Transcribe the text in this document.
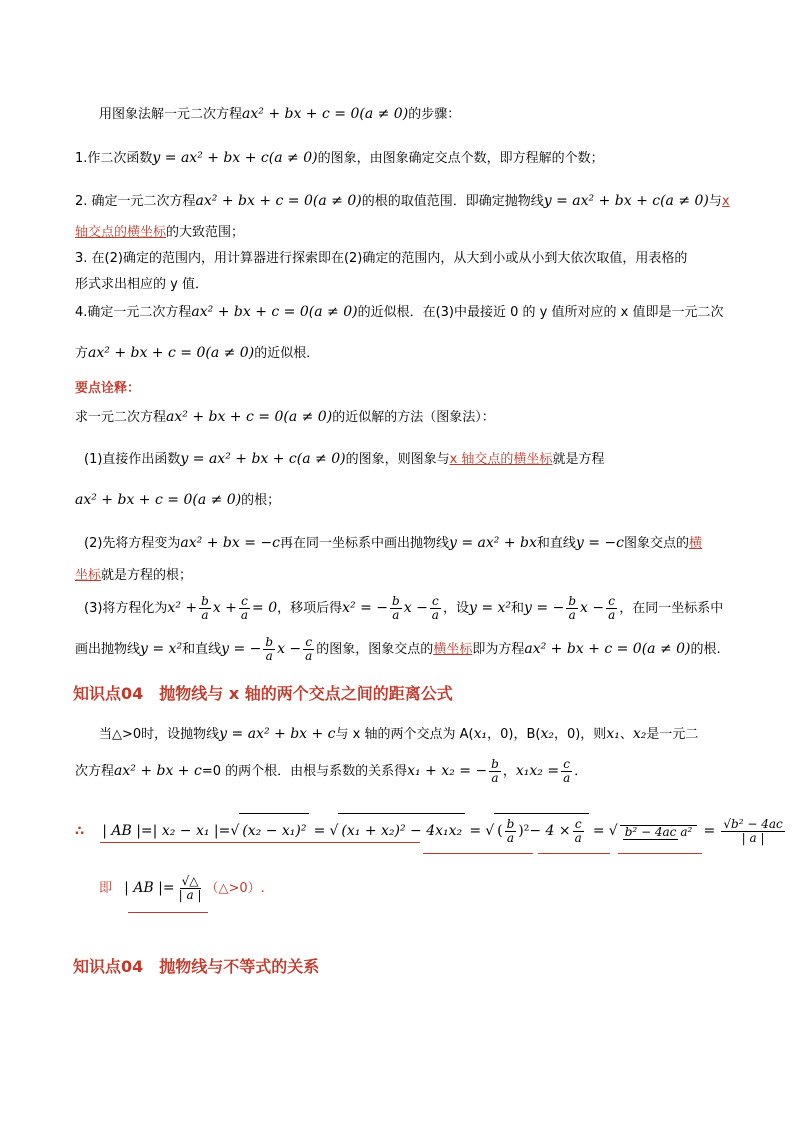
用图象法解一元二次方程ax² + bx + c = 0(a ≠ 0)的步骤：
1.作二次函数y = ax² + bx + c(a ≠ 0)的图象，由图象确定交点个数，即方程解的个数；
2. 确定一元二次方程ax² + bx + c = 0(a ≠ 0)的根的取值范围．即确定抛物线y = ax² + bx + c(a ≠ 0)与x
轴交点的横坐标的大致范围；
3. 在(2)确定的范围内，用计算器进行探索即在(2)确定的范围内，从大到小或从小到大依次取值，用表格的
形式求出相应的 y 值．
4.确定一元二次方程ax² + bx + c = 0(a ≠ 0)的近似根．在(3)中最接近 0 的 y 值所对应的 x 值即是一元二次
方ax² + bx + c = 0(a ≠ 0)的近似根．
要点诠释：
求一元二次方程ax² + bx + c = 0(a ≠ 0)的近似解的方法（图象法）：
(1)直接作出函数y = ax² + bx + c(a ≠ 0)的图象，则图象与x 轴交点的横坐标就是方程
ax² + bx + c = 0(a ≠ 0)的根；
(2)先将方程变为ax² + bx = −c再在同一坐标系中画出抛物线y = ax² + bx和直线y = −c图象交点的横
坐标就是方程的根；
(3)将方程化为$x^2 + \frac{b}{a}$ $x + \frac{c}{a} = 0$，移项后得x² = − $\frac{b}{a}$ $x - \frac{c}{a}$ ，设y = x²和y = − $\frac{b}{a}$ $x - \frac{c}{a}$ ，在同一坐标系中
画出抛物线y = x²和直线y = − $\frac{b}{a}$ $x - \frac{c}{a}$ 的图象，图象交点的横坐标即为方程ax² + bx + c = 0(a ≠ 0)的根.
知识点04　抛物线与 x 轴的两个交点之间的距离公式
当△>0时，设抛物线y = ax² + bx + c与 x 轴的两个交点为 A(x₁，0)，B(x₂，0)，则x₁、x₂是一元二
次方程ax² + bx + c=0 的两个根．由根与系数的关系得x₁ + x₂ = − $\frac{b}{a}$ ，$x_1x_2 = \frac{c}{a}$ ．
∴ | AB |=| x₂ − x₁ |=√ (x₂ − x₁)² = √ (x₁ + x₂)² − 4x₁x₂ = √ ( $\frac{b}{a} )^2- 4 \times \frac{c}{a}$ = √ b² − 4ac $a^2 = \frac{\text{√b² − 4ac}}{| a |}$
即 | AB |= $\frac{√\triangle}{| a |}$ （△>0）.
知识点04　抛物线与不等式的关系
